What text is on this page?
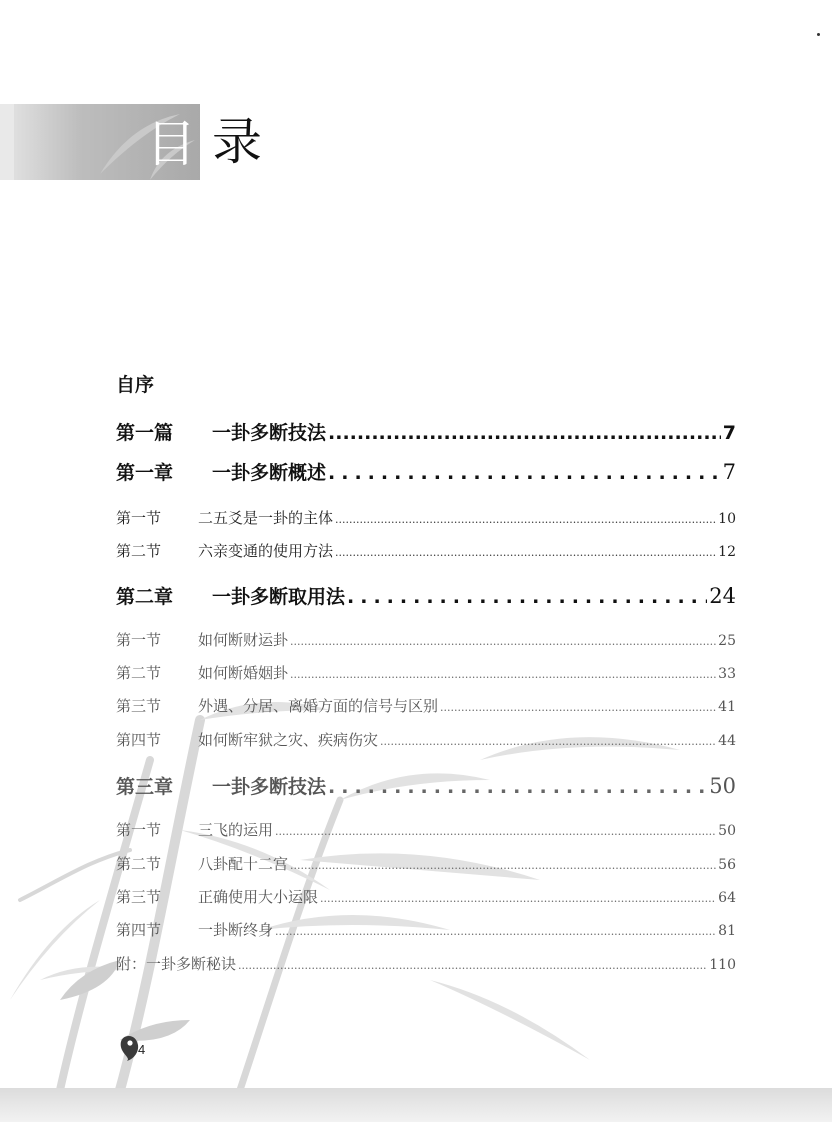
目 录
自序
第一篇	一卦多断技法 .....	7
第一章	一卦多断概述 .....	7
第一节	二五爻是一卦的主体 .....	10
第二节	六亲变通的使用方法 .....	12
第二章	一卦多断取用法 .....	24
第一节	如何断财运卦 .....	25
第二节	如何断婚姻卦 .....	33
第三节	外遇、分居、离婚方面的信号与区别 .....	41
第四节	如何断牢狱之灾、疾病伤灾 .....	44
第三章	一卦多断技法 .....	50
第一节	三飞的运用 .....	50
第二节	八卦配十二宫 .....	56
第三节	正确使用大小运限 .....	64
第四节	一卦断终身 .....	81
附：一卦多断秘诀 .....	110
4
